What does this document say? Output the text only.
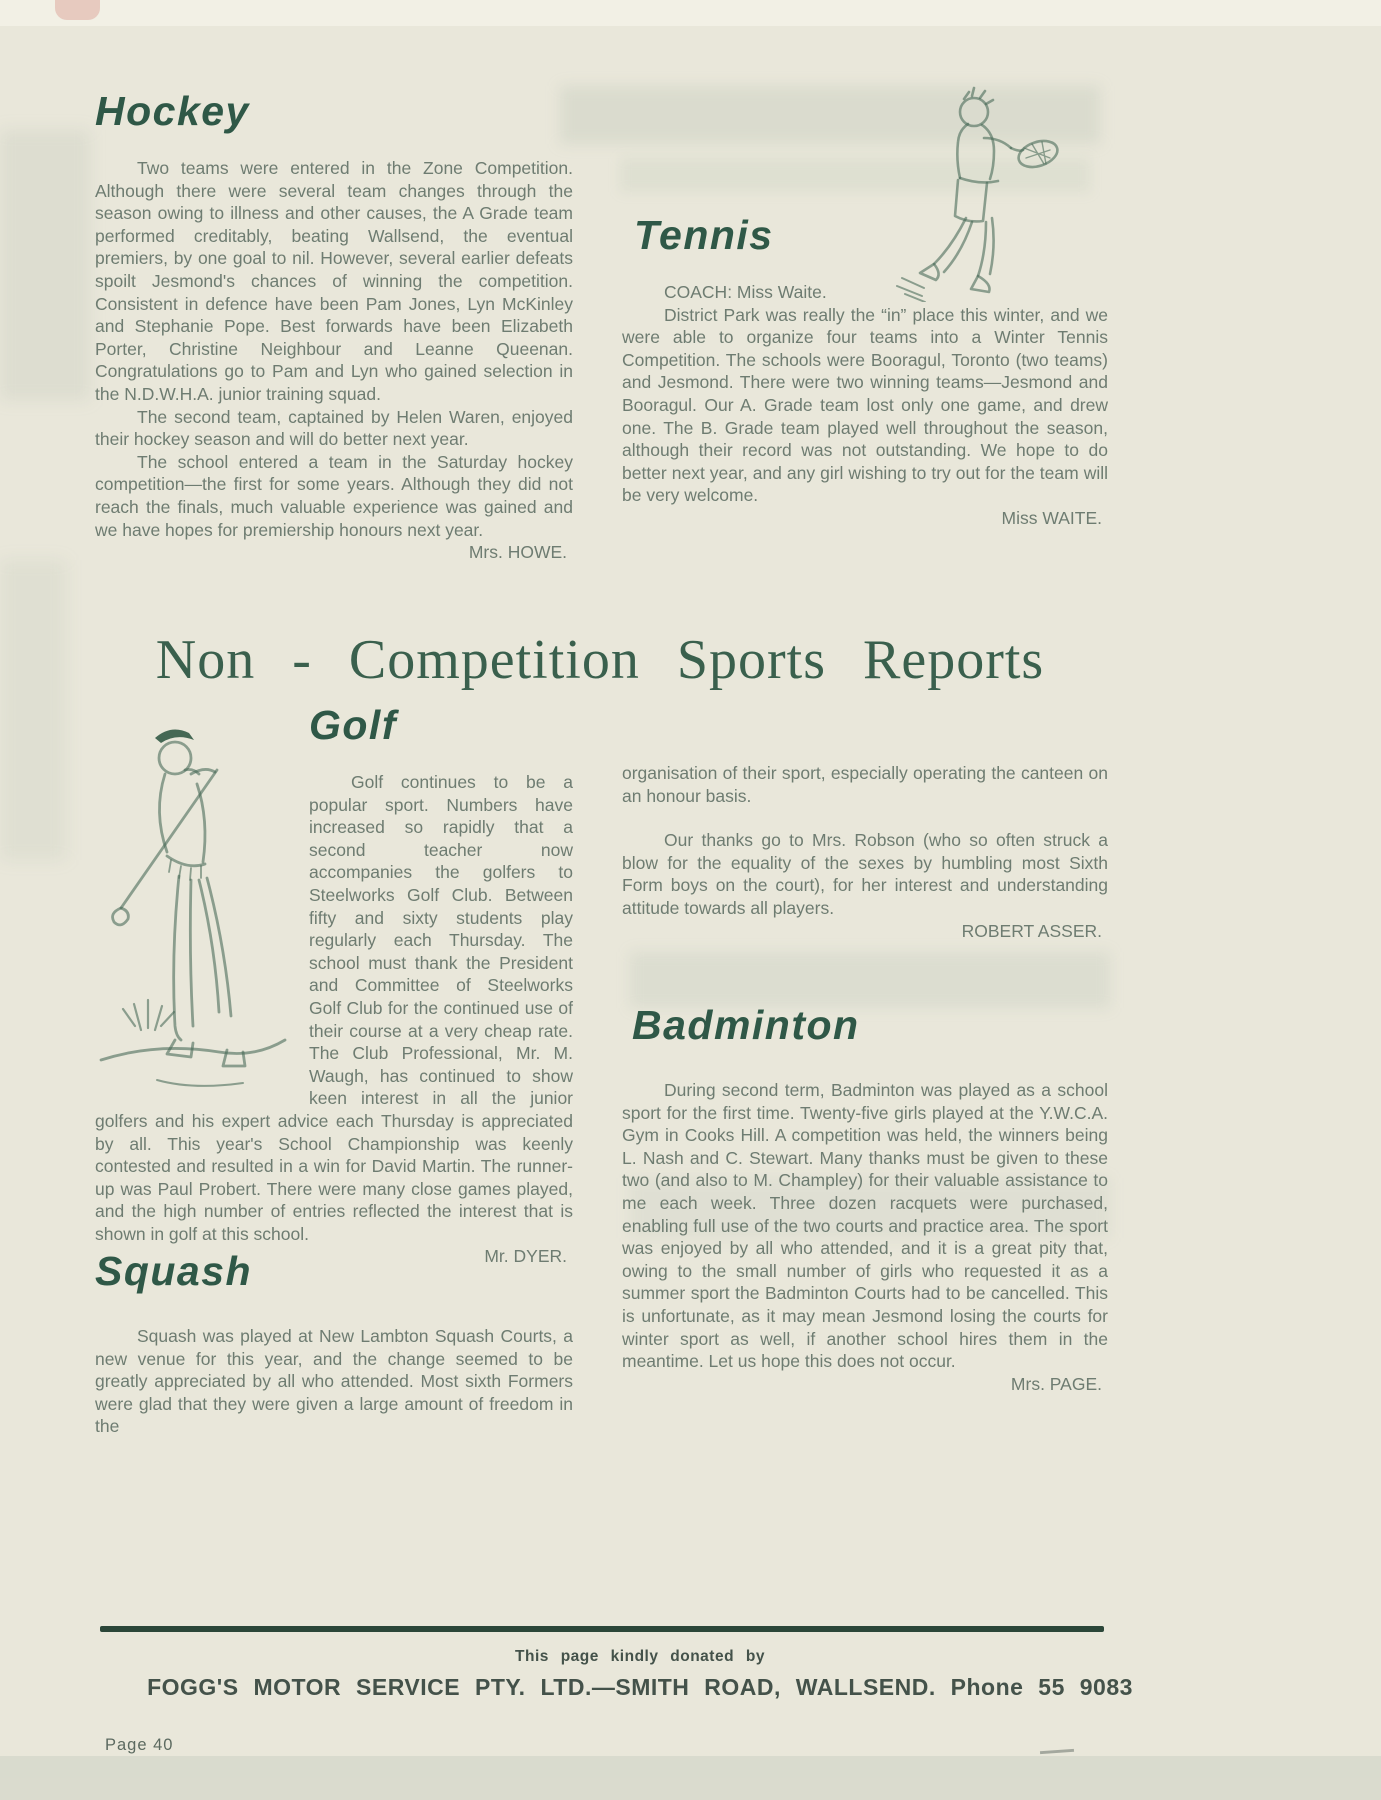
Hockey

Two teams were entered in the Zone Competition. Although there were several team changes through the season owing to illness and other causes, the A Grade team performed creditably, beating Wallsend, the eventual premiers, by one goal to nil. However, several earlier defeats spoilt Jesmond's chances of winning the competition. Consistent in defence have been Pam Jones, Lyn McKinley and Stephanie Pope. Best forwards have been Elizabeth Porter, Christine Neighbour and Leanne Queenan. Congratulations go to Pam and Lyn who gained selection in the N.D.W.H.A. junior training squad.

The second team, captained by Helen Waren, enjoyed their hockey season and will do better next year.

The school entered a team in the Saturday hockey competition—the first for some years. Although they did not reach the finals, much valuable experience was gained and we have hopes for premiership honours next year.

Mrs. HOWE.

Tennis

COACH: Miss Waite.

District Park was really the “in” place this winter, and we were able to organize four teams into a Winter Tennis Competition. The schools were Booragul, Toronto (two teams) and Jesmond. There were two winning teams—Jesmond and Booragul. Our A. Grade team lost only one game, and drew one. The B. Grade team played well throughout the season, although their record was not outstanding. We hope to do better next year, and any girl wishing to try out for the team will be very welcome.

Miss WAITE.

Non - Competition Sports Reports
Golf

Golf continues to be a popular sport. Numbers have increased so rapidly that a second teacher now accompanies the golfers to Steelworks Golf Club. Between fifty and sixty students play regularly each Thursday. The school must thank the President and Committee of Steelworks Golf Club for the continued use of their course at a very cheap rate. The Club Professional, Mr. M. Waugh, has continued to show keen interest in all the junior golfers and his expert advice each Thursday is appreciated by all. This year's School Championship was keenly contested and resulted in a win for David Martin. The runner-up was Paul Probert. There were many close games played, and the high number of entries reflected the interest that is shown in golf at this school.

Mr. DYER.

organisation of their sport, especially operating the canteen on an honour basis.

Our thanks go to Mrs. Robson (who so often struck a blow for the equality of the sexes by humbling most Sixth Form boys on the court), for her interest and understanding attitude towards all players.

ROBERT ASSER.

Badminton

During second term, Badminton was played as a school sport for the first time. Twenty-five girls played at the Y.W.C.A. Gym in Cooks Hill. A competition was held, the winners being L. Nash and C. Stewart. Many thanks must be given to these two (and also to M. Champley) for their valuable assistance to me each week. Three dozen racquets were purchased, enabling full use of the two courts and practice area. The sport was enjoyed by all who attended, and it is a great pity that, owing to the small number of girls who requested it as a summer sport the Badminton Courts had to be cancelled. This is unfortunate, as it may mean Jesmond losing the courts for winter sport as well, if another school hires them in the meantime. Let us hope this does not occur.

Mrs. PAGE.

Squash

Squash was played at New Lambton Squash Courts, a new venue for this year, and the change seemed to be greatly appreciated by all who attended. Most sixth Formers were glad that they were given a large amount of freedom in the

This page kindly donated by

FOGG'S MOTOR SERVICE PTY. LTD.—SMITH ROAD, WALLSEND. Phone 55 9083

Page 40
